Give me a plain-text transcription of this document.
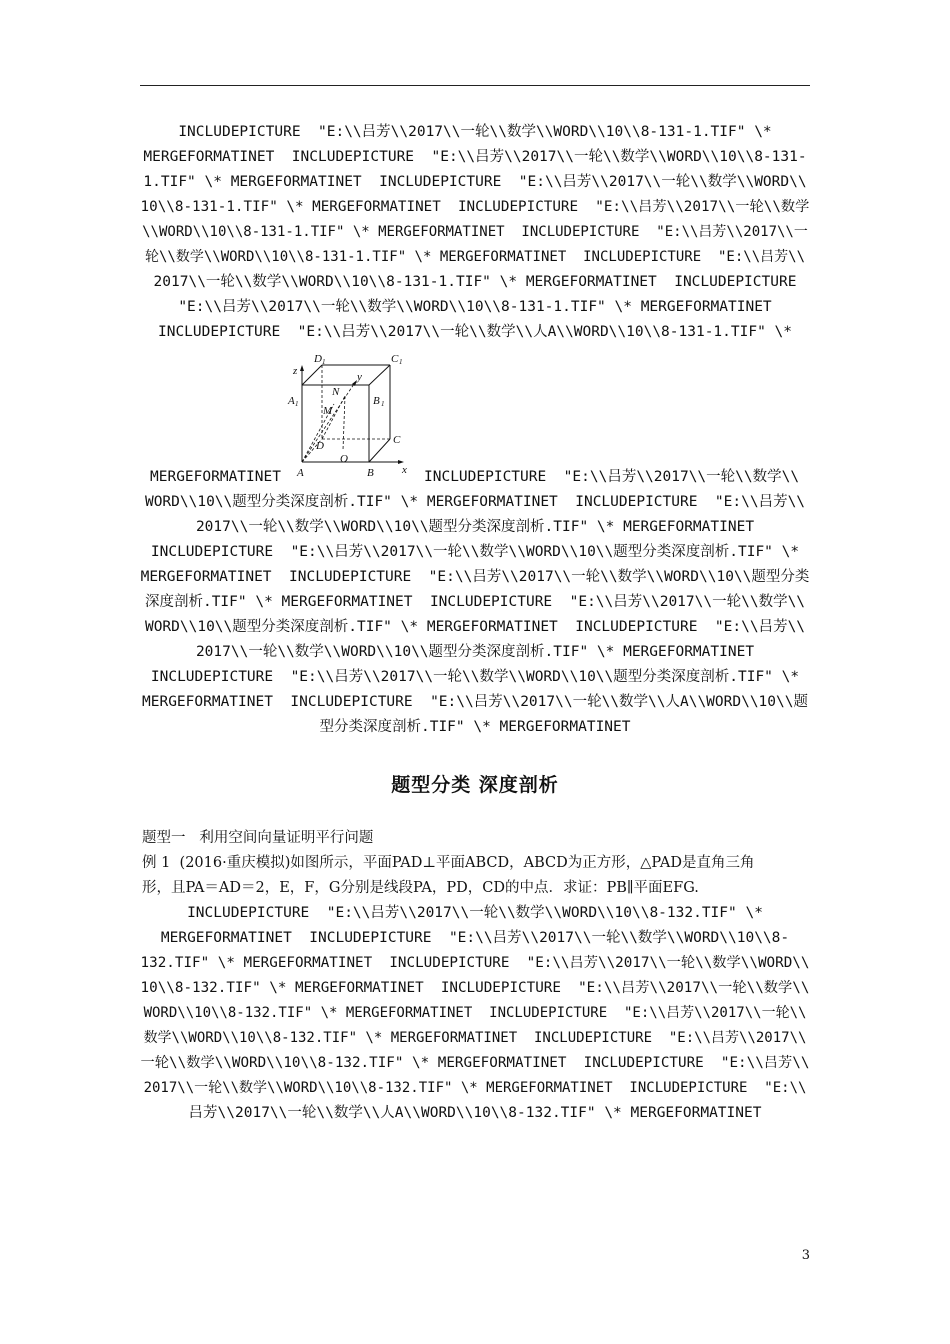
INCLUDEPICTURE  "E:\\吕芳\\2017\\一轮\\数学\\WORD\\10\\8-131-1.TIF" \*
MERGEFORMATINET  INCLUDEPICTURE  "E:\\吕芳\\2017\\一轮\\数学\\WORD\\10\\8-131-
1.TIF" \* MERGEFORMATINET  INCLUDEPICTURE  "E:\\吕芳\\2017\\一轮\\数学\\WORD\\
10\\8-131-1.TIF" \* MERGEFORMATINET  INCLUDEPICTURE  "E:\\吕芳\\2017\\一轮\\数学
\\WORD\\10\\8-131-1.TIF" \* MERGEFORMATINET  INCLUDEPICTURE  "E:\\吕芳\\2017\\一
轮\\数学\\WORD\\10\\8-131-1.TIF" \* MERGEFORMATINET  INCLUDEPICTURE  "E:\\吕芳\\
2017\\一轮\\数学\\WORD\\10\\8-131-1.TIF" \* MERGEFORMATINET  INCLUDEPICTURE
"E:\\吕芳\\2017\\一轮\\数学\\WORD\\10\\8-131-1.TIF" \* MERGEFORMATINET
INCLUDEPICTURE  "E:\\吕芳\\2017\\一轮\\数学\\人A\\WORD\\10\\8-131-1.TIF" \*
D 1	C 1
A 1	B 1
z	y
x
N
M
D	C
O
A	B
MERGEFORMATINET	INCLUDEPICTURE  "E:\\吕芳\\2017\\一轮\\数学\\
WORD\\10\\题型分类深度剖析.TIF" \* MERGEFORMATINET  INCLUDEPICTURE  "E:\\吕芳\\
2017\\一轮\\数学\\WORD\\10\\题型分类深度剖析.TIF" \* MERGEFORMATINET
INCLUDEPICTURE  "E:\\吕芳\\2017\\一轮\\数学\\WORD\\10\\题型分类深度剖析.TIF" \*
MERGEFORMATINET  INCLUDEPICTURE  "E:\\吕芳\\2017\\一轮\\数学\\WORD\\10\\题型分类
深度剖析.TIF" \* MERGEFORMATINET  INCLUDEPICTURE  "E:\\吕芳\\2017\\一轮\\数学\\
WORD\\10\\题型分类深度剖析.TIF" \* MERGEFORMATINET  INCLUDEPICTURE  "E:\\吕芳\\
2017\\一轮\\数学\\WORD\\10\\题型分类深度剖析.TIF" \* MERGEFORMATINET
INCLUDEPICTURE  "E:\\吕芳\\2017\\一轮\\数学\\WORD\\10\\题型分类深度剖析.TIF" \*
MERGEFORMATINET  INCLUDEPICTURE  "E:\\吕芳\\2017\\一轮\\数学\\人A\\WORD\\10\\题
型分类深度剖析.TIF" \* MERGEFORMATINET
题型分类 深度剖析
题型一   利用空间向量证明平行问题
例 1  (2016·重庆模拟)如图所示，平面PAD⊥平面ABCD，ABCD为正方形，△PAD是直角三角
形，且PA＝AD＝2，E，F，G分别是线段PA，PD，CD的中点．求证：PB∥平面EFG.
INCLUDEPICTURE  "E:\\吕芳\\2017\\一轮\\数学\\WORD\\10\\8-132.TIF" \*
MERGEFORMATINET  INCLUDEPICTURE  "E:\\吕芳\\2017\\一轮\\数学\\WORD\\10\\8-
132.TIF" \* MERGEFORMATINET  INCLUDEPICTURE  "E:\\吕芳\\2017\\一轮\\数学\\WORD\\
10\\8-132.TIF" \* MERGEFORMATINET  INCLUDEPICTURE  "E:\\吕芳\\2017\\一轮\\数学\\
WORD\\10\\8-132.TIF" \* MERGEFORMATINET  INCLUDEPICTURE  "E:\\吕芳\\2017\\一轮\\
数学\\WORD\\10\\8-132.TIF" \* MERGEFORMATINET  INCLUDEPICTURE  "E:\\吕芳\\2017\\
一轮\\数学\\WORD\\10\\8-132.TIF" \* MERGEFORMATINET  INCLUDEPICTURE  "E:\\吕芳\\
2017\\一轮\\数学\\WORD\\10\\8-132.TIF" \* MERGEFORMATINET  INCLUDEPICTURE  "E:\\
吕芳\\2017\\一轮\\数学\\人A\\WORD\\10\\8-132.TIF" \* MERGEFORMATINET
3
